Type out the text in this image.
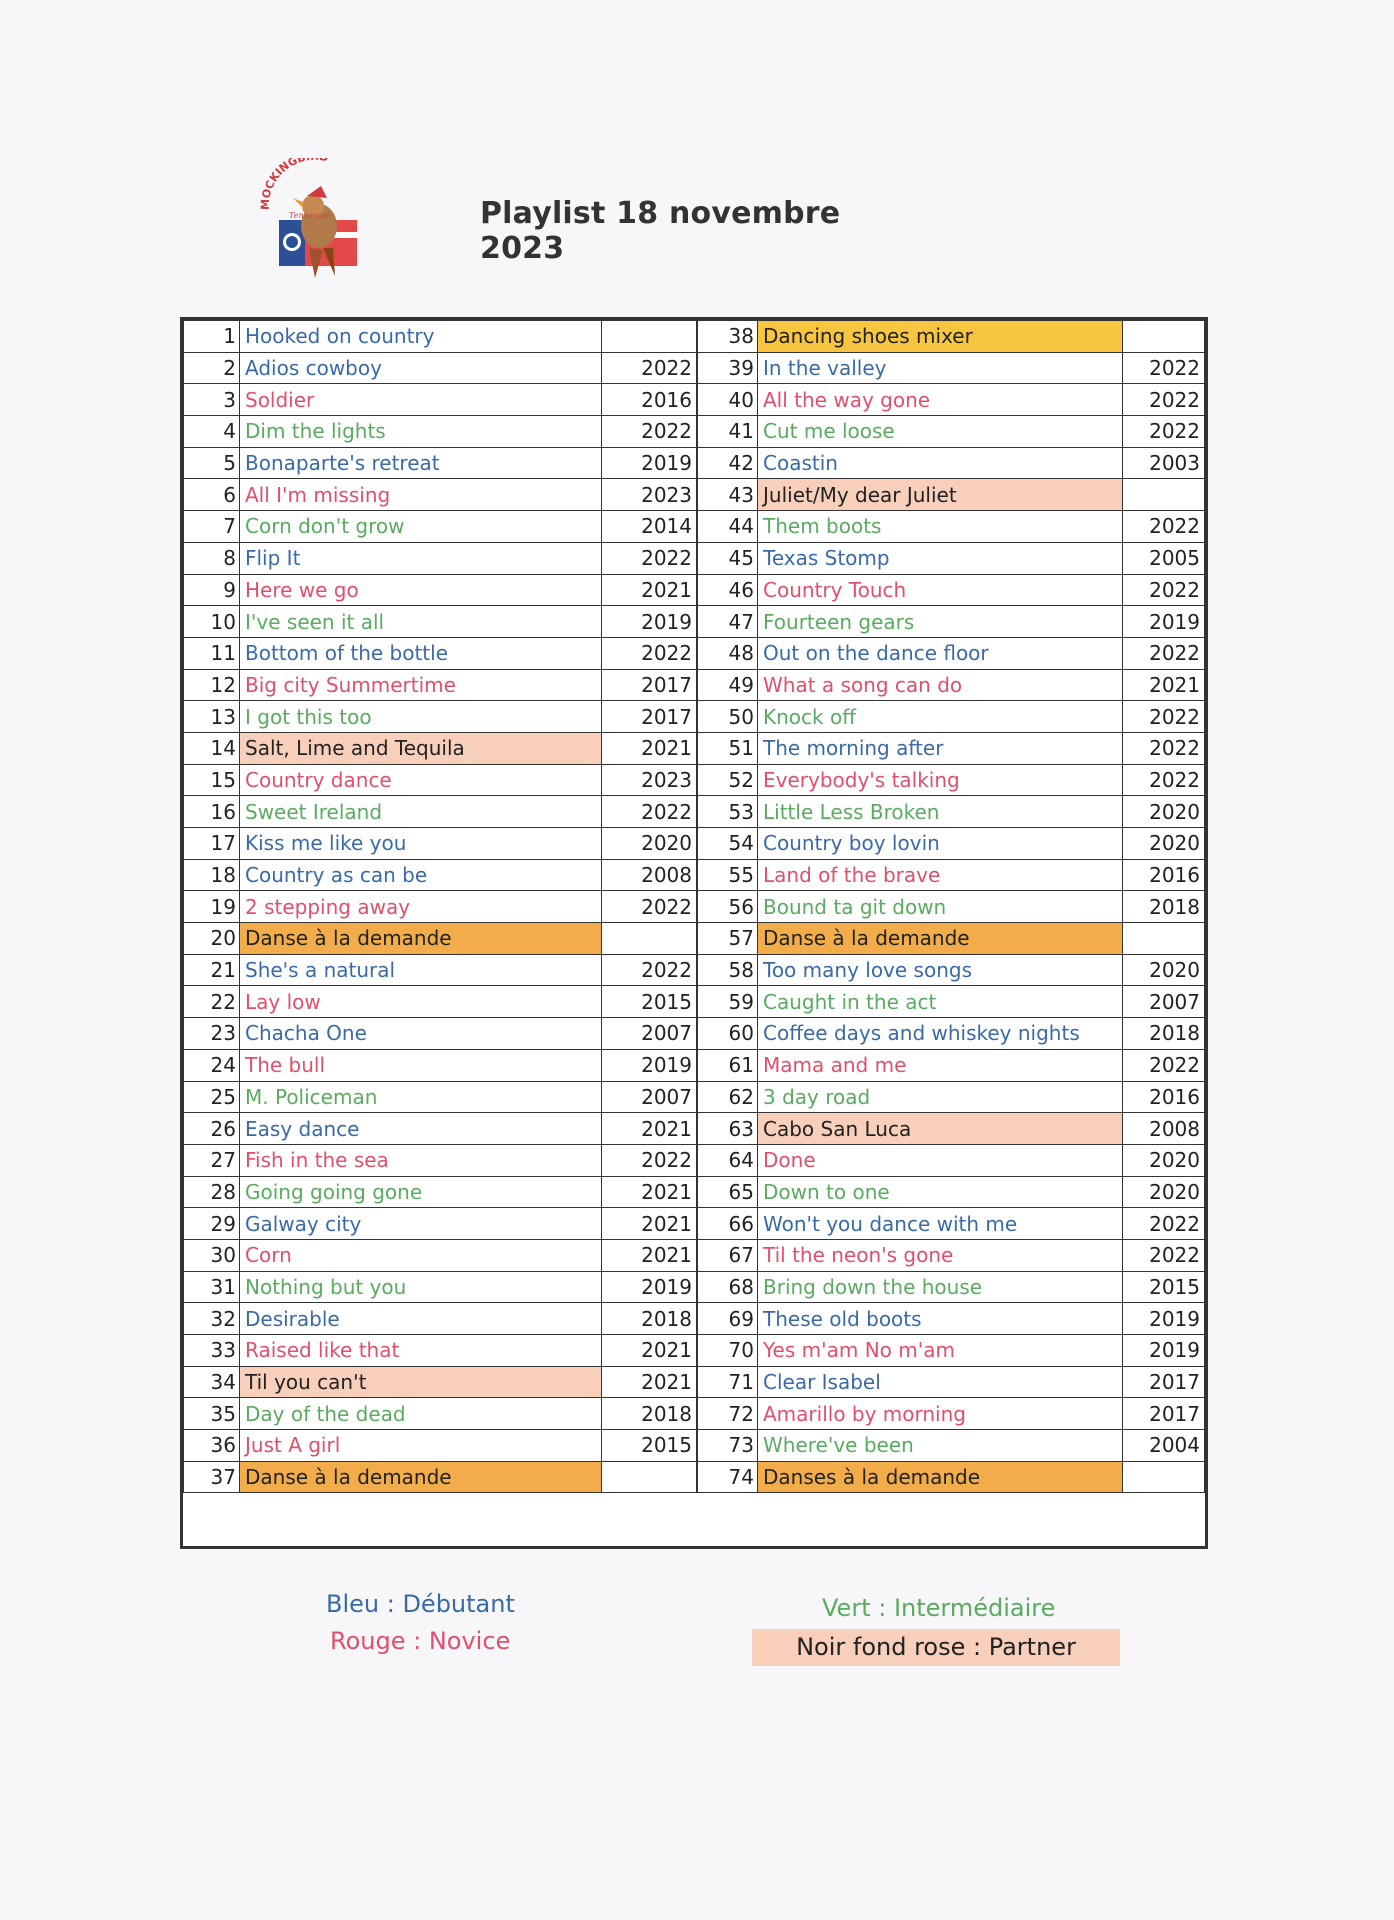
MOCKINGB
Tennessee	Playlist 18 novembre 2023
1	Hooked on country	
2	Adios cowboy	2022
3	Soldier	2016
4	Dim the lights	2022
5	Bonaparte's retreat	2019
6	All I'm missing	2023
7	Corn don't grow	2014
8	Flip It	2022
9	Here we go	2021
10	I've seen it all	2019
11	Bottom of the bottle	2022
12	Big city Summertime	2017
13	I got this too	2017
14	Salt, Lime and Tequila	2021
15	Country dance	2023
16	Sweet Ireland	2022
17	Kiss me like you	2020
18	Country as can be	2008
19	2 stepping away	2022
20	Danse à la demande	
21	She's a natural	2022
22	Lay low	2015
23	Chacha One	2007
24	The bull	2019
25	M. Policeman	2007
26	Easy dance	2021
27	Fish in the sea	2022
28	Going going gone	2021
29	Galway city	2021
30	Corn	2021
31	Nothing but you	2019
32	Desirable	2018
33	Raised like that	2021
34	Til you can't	2021
35	Day of the dead	2018
36	Just A girl	2015
37	Danse à la demande	
38	Dancing shoes mixer	
39	In the valley	2022
40	All the way gone	2022
41	Cut me loose	2022
42	Coastin	2003
43	Juliet/My dear Juliet	
44	Them boots	2022
45	Texas Stomp	2005
46	Country Touch	2022
47	Fourteen gears	2019
48	Out on the dance floor	2022
49	What a song can do	2021
50	Knock off	2022
51	The morning after	2022
52	Everybody's talking	2022
53	Little Less Broken	2020
54	Country boy lovin	2020
55	Land of the brave	2016
56	Bound ta git down	2018
57	Danse à la demande	
58	Too many love songs	2020
59	Caught in the act	2007
60	Coffee days and whiskey nights	2018
61	Mama and me	2022
62	3 day road	2016
63	Cabo San Luca	2008
64	Done	2020
65	Down to one	2020
66	Won't you dance with me	2022
67	Til the neon's gone	2022
68	Bring down the house	2015
69	These old boots	2019
70	Yes m'am No m'am	2019
71	Clear Isabel	2017
72	Amarillo by morning	2017
73	Where've been	2004
74	Danses à la demande	
Bleu : Débutant
Rouge : Novice
Vert : Intermédiaire
Noir fond rose : Partner
